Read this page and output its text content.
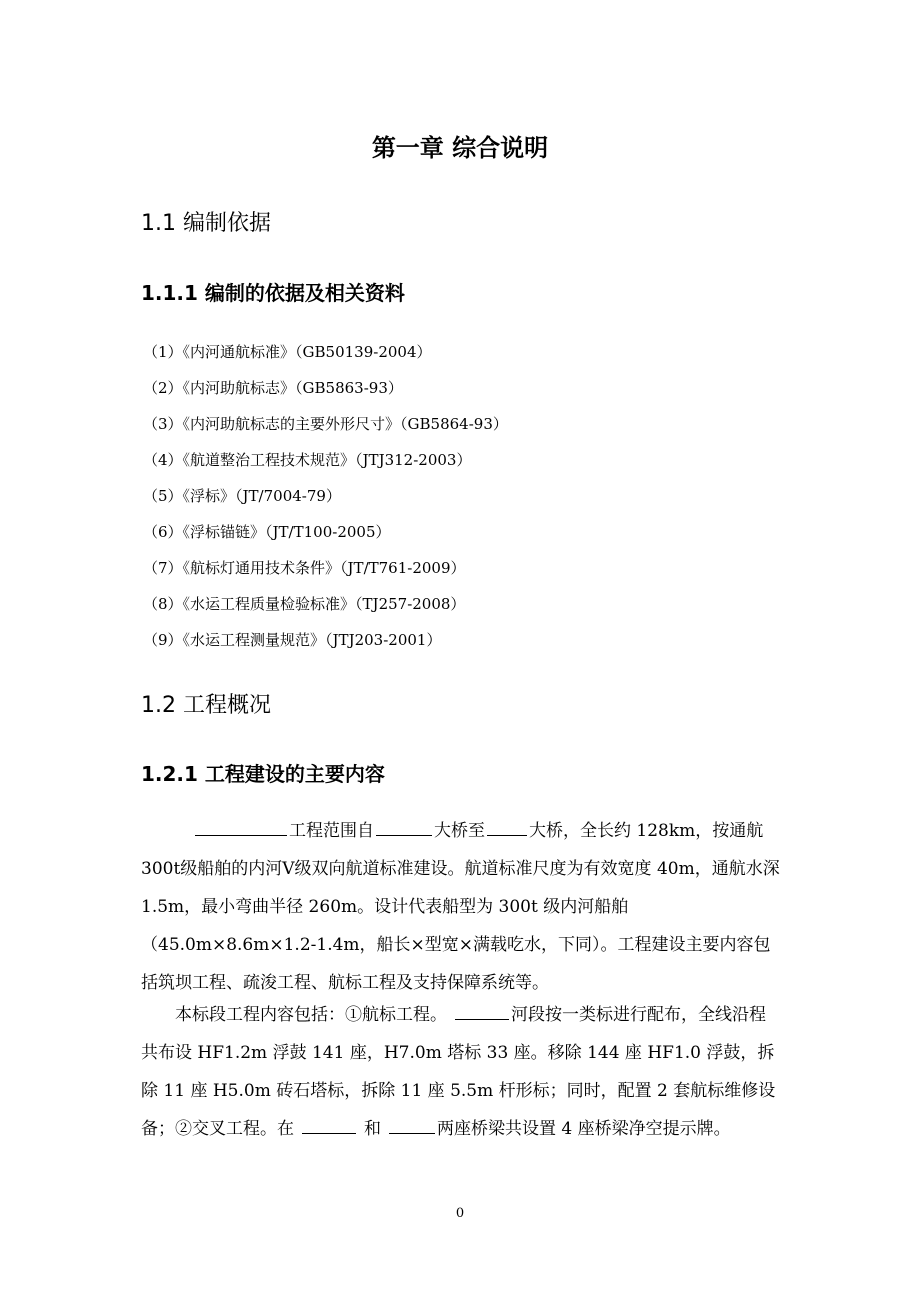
第一章 综合说明
1.1 编制依据
1.1.1 编制的依据及相关资料
（1）《内河通航标准》（GB50139-2004）
（2）《内河助航标志》（GB5863-93）
（3）《内河助航标志的主要外形尺寸》（GB5864-93）
（4）《航道整治工程技术规范》（JTJ312-2003）
（5）《浮标》（JT/7004-79）
（6）《浮标锚链》（JT/T100-2005）
（7）《航标灯通用技术条件》（JT/T761-2009）
（8）《水运工程质量检验标准》（TJ257-2008）
（9）《水运工程测量规范》（JTJ203-2001）
1.2 工程概况
1.2.1 工程建设的主要内容

工程范围自	大桥至	大桥，全长约 128km，按通航 300t级船舶的内河Ⅴ级双向航道标准建设。航道标准尺度为有效宽度 40m，通航水深 1.5m，最小弯曲半径 260m。设计代表船型为 300t 级内河船舶（45.0m×8.6m×1.2-1.4m，船长×型宽×满载吃水，下同）。工程建设主要内容包括筑坝工程、疏浚工程、航标工程及支持保障系统等。

本标段工程内容包括：①航标工程。	河段按一类标进行配布，全线沿程共布设 HF1.2m 浮鼓 141 座，H7.0m 塔标 33 座。移除 144 座 HF1.0 浮鼓，拆除 11 座 H5.0m 砖石塔标，拆除 11 座 5.5m 杆形标；同时，配置 2 套航标维修设备；②交叉工程。在	和	两座桥梁共设置 4 座桥梁净空提示牌。

0
